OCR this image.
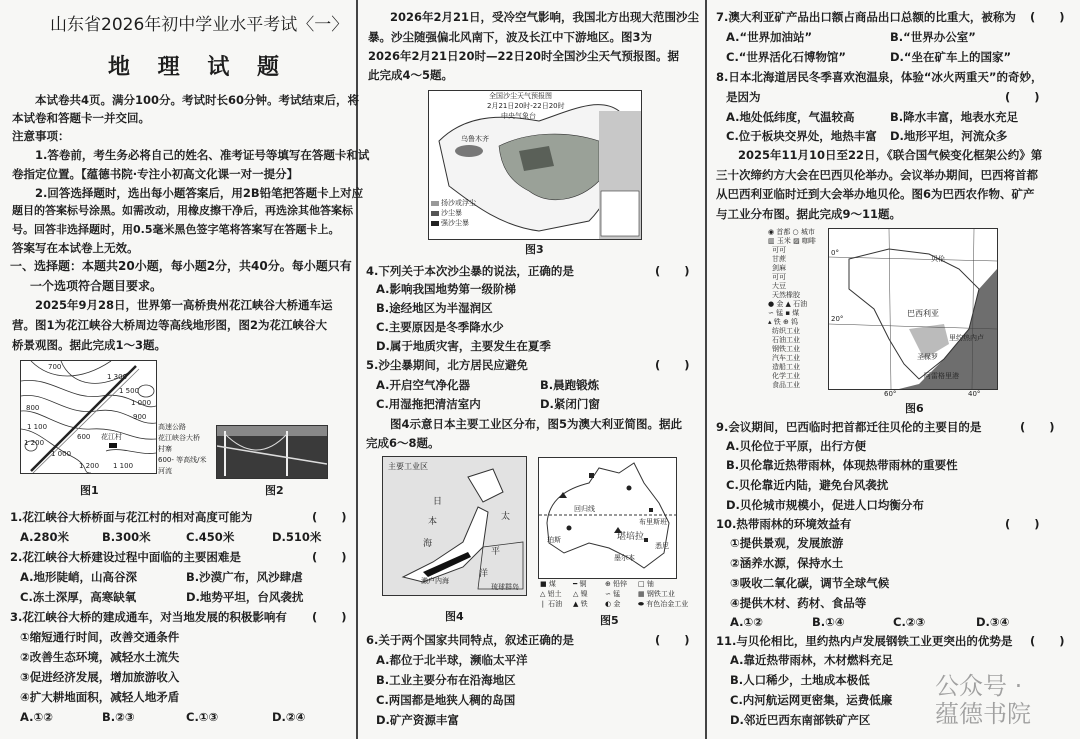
山东省2026年初中学业水平考试〈一〉
地 理 试 题
本试卷共4页。满分100分。考试时长60分钟。考试结束后，将
本试卷和答题卡一并交回。
注意事项：
1.答卷前，考生务必将自己的姓名、准考证号等填写在答题卡和试
卷指定位置。【蕴德书院·专注小初高文化课一对一提分】
2.回答选择题时，选出每小题答案后，用2B铅笔把答题卡上对应
题目的答案标号涂黑。如需改动，用橡皮擦干净后，再选涂其他答案标
号。回答非选择题时，用0.5毫米黑色签字笔将答案写在答题卡上。
答案写在本试卷上无效。
一、选择题：本题共20小题，每小题2分，共40分。每小题只有
一个选项符合题目要求。
2025年9月28日，世界第一高桥贵州花江峡谷大桥通车运
营。图1为花江峡谷大桥周边等高线地形图，图2为花江峡谷大
桥景观图。据此完成1～3题。
700
1 300
1 500
1 000
800
900
1 100
600 花江村
1 200
1 000
1 200 1 100
高速公路
花江峡谷大桥
村寨
600- 等高线/米
河流
图1	图2
1.花江峡谷大桥桥面与花江村的相对高度可能为	(      )
A.280米	B.300米	C.450米	D.510米
2.花江峡谷大桥建设过程中面临的主要困难是	(      )
A.地形陡峭，山高谷深	B.沙漠广布，风沙肆虐
C.冻土深厚，高寒缺氧	D.地势平坦，台风袭扰
3.花江峡谷大桥的建成通车，对当地发展的积极影响有 (      )
①缩短通行时间，改善交通条件
②改善生态环境，减轻水土流失
③促进经济发展，增加旅游收入
④扩大耕地面积，减轻人地矛盾
A.①②	B.②③	C.①③	D.②④
2026年2月21日，受冷空气影响，我国北方出现大范围沙尘
暴。沙尘随强偏北风南下，波及长江中下游地区。图3为
2026年2月21日20时—22日20时全国沙尘天气预报图。据
此完成4～5题。
全国沙尘天气预报图
2月21日20时-22日20时
中央气象台
乌鲁木齐
扬沙或浮尘
沙尘暴
强沙尘暴
图3
4.下列关于本次沙尘暴的说法，正确的是	(      )
A.影响我国地势第一级阶梯
B.途经地区为半湿润区
C.主要原因是冬季降水少
D.属于地质灾害，主要发生在夏季
5.沙尘暴期间，北方居民应避免	(      )
A.开启空气净化器	B.晨跑锻炼
C.用湿拖把清洁室内	D.紧闭门窗
图4示意日本主要工业区分布，图5为澳大利亚简图。据此
完成6～8题。
主要工业区
日
本
海
太
平
洋
濑户内海
琉球群岛
图4
回归线
布里斯班
堪培拉
悉尼
墨尔本
珀斯
■ 煤 ━ 铜	⊕ 铅锌 □ 铀
△ 铝土 △ 镍 ∽ 锰	▦ 钢铁工业
❘ 石油 ▲ 铁 ◐ 金	⬬ 有色冶金工业
图5
6.关于两个国家共同特点，叙述正确的是	(      )
A.都位于北半球，濒临太平洋
B.工业主要分布在沿海地区
C.两国都是地狭人稠的岛国
D.矿产资源丰富
7.澳大利亚矿产品出口额占商品出口总额的比重大，被称为 (      )
A.“世界加油站”	B.“世界办公室”
C.“世界活化石博物馆”	D.“坐在矿车上的国家”
8.日本北海道居民冬季喜欢泡温泉，体验“冰火两重天”的奇妙，
是因为	(      )
A.地处低纬度，气温较高	B.降水丰富，地表水充足
C.位于板块交界处，地热丰富 D.地形平坦，河流众多
2025年11月10日至22日，《联合国气候变化框架公约》第
三十次缔约方大会在巴西贝伦举办。会议举办期间，巴西将首都
从巴西利亚临时迁到大会举办地贝伦。图6为巴西农作物、矿产
与工业分布图。据此完成9～11题。
◉ 首都 ○ 城市
▥ 玉米 ▨ 咖啡
可可
甘蔗
剑麻
可可
大豆
天然橡胶
● 金 ▲ 石油
∽ 锰 ▪ 煤
▴ 铁 ⊕ 钨
纺织工业
石油工业
钢铁工业
汽车工业
造船工业
化学工业
食品工业
贝伦
巴西利亚
圣保罗
里约热内卢
阿雷格里港
0°
20°
60°	40°
图6
9.会议期间，巴西临时把首都迁往贝伦的主要目的是	(      )
A.贝伦位于平原，出行方便
B.贝伦靠近热带雨林，体现热带雨林的重要性
C.贝伦靠近内陆，避免台风袭扰
D.贝伦城市规模小，促进人口均衡分布
10.热带雨林的环境效益有	(      )
①提供景观，发展旅游
②涵养水源，保持水土
③吸收二氧化碳，调节全球气候
④提供木材、药材、食品等
A.①②	B.①④	C.②③	D.③④
11.与贝伦相比，里约热内卢发展钢铁工业更突出的优势是 (      )
A.靠近热带雨林，木材燃料充足
B.人口稀少，土地成本极低
C.内河航运网更密集，运费低廉
D.邻近巴西东南部铁矿产区
公众号 · 蕴德书院
